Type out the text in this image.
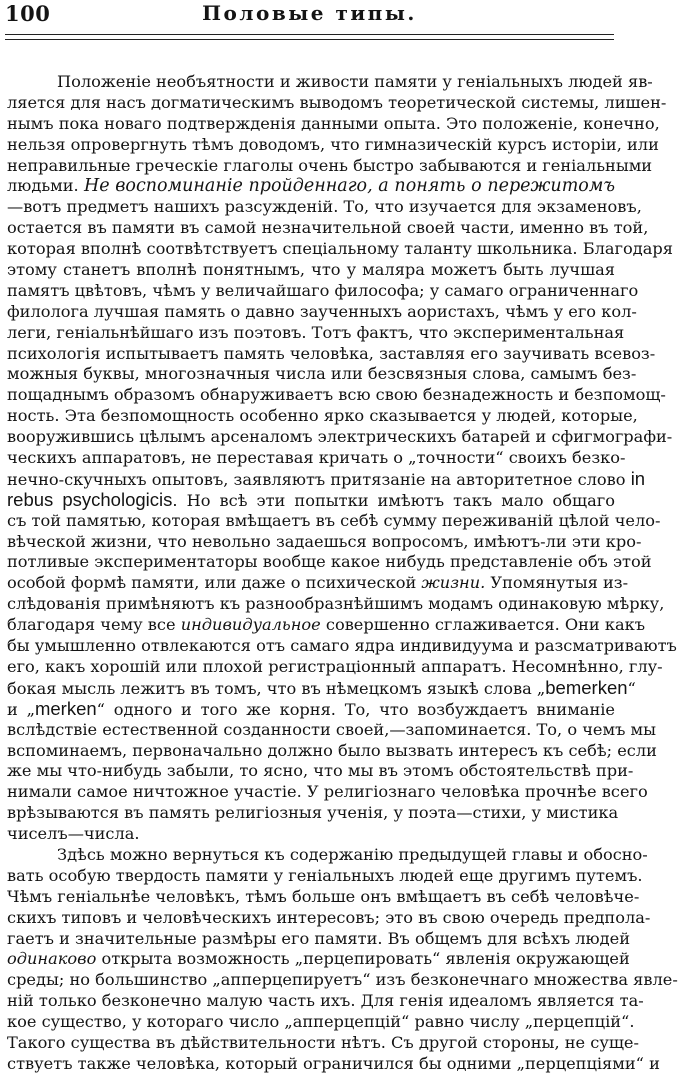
100	Половые типы.
Положеніе необъятности и живости памяти у геніальныхъ людей яв-
ляется для насъ догматическимъ выводомъ теоретической системы, лишен-
нымъ пока новаго подтвержденія данными опыта. Это положеніе, конечно,
нельзя опровергнуть тѣмъ доводомъ, что гимназическій курсъ исторіи, или
неправильные греческіе глаголы очень быстро забываются и геніальными
людьми. Не воспоминаніе пройденнаго, а понять о пережитомъ
—вотъ предметъ нашихъ разсужденій. То, что изучается для экзаменовъ,
остается въ памяти въ самой незначительной своей части, именно въ той,
которая вполнѣ соотвѣтствуетъ спеціальному таланту школьника. Благодаря
этому станетъ вполнѣ понятнымъ, что у маляра можетъ быть лучшая
памятъ цвѣтовъ, чѣмъ у величайшаго философа; у самаго ограниченнаго
филолога лучшая память о давно заученныхъ аористахъ, чѣмъ у его кол-
леги, геніальнѣйшаго изъ поэтовъ. Тотъ фактъ, что экспериментальная
психологія испытываетъ память человѣка, заставляя его заучивать всевоз-
можныя буквы, многозначныя числа или безсвязныя слова, самымъ без-
пощаднымъ образомъ обнаруживаетъ всю свою безнадежность и безпомощ-
ность. Эта безпомощность особенно ярко сказывается у людей, которые,
вооружившись цѣлымъ арсеналомъ электрическихъ батарей и сфигмографи-
ческихъ аппаратовъ, не переставая кричать о „точности“ своихъ безко-
нечно-скучныхъ опытовъ, заявляютъ притязаніе на авторитетное слово in
rebus psychologicis. Но всѣ эти попытки имѣютъ такъ мало общаго
съ той памятью, которая вмѣщаетъ въ себѣ сумму переживаній цѣлой чело-
вѣческой жизни, что невольно задаешься вопросомъ, имѣютъ-ли эти кро-
потливые экспериментаторы вообще какое нибудь представленіе объ этой
особой формѣ памяти, или даже о психической жизни. Упомянутыя из-
слѣдованія примѣняютъ къ разнообразнѣйшимъ модамъ одинаковую мѣрку,
благодаря чему все индивидуальное совершенно сглаживается. Они какъ
бы умышленно отвлекаются отъ самаго ядра индивидуума и разсматриваютъ
его, какъ хорошій или плохой регистраціонный аппаратъ. Несомнѣнно, глу-
бокая мысль лежитъ въ томъ, что въ нѣмецкомъ языкѣ слова „bemerken“
и „merken“ одного и того же корня. То, что возбуждаетъ вниманіе
вслѣдствіе естественной созданности своей,—запоминается. То, о чемъ мы
вспоминаемъ, первоначально должно было вызвать интересъ къ себѣ; если
же мы что-нибудь забыли, то ясно, что мы въ этомъ обстоятельствѣ при-
нимали самое ничтожное участіе. У религіознаго человѣка прочнѣе всего
врѣзываются въ память религіозныя ученія, у поэта—стихи, у мистика
чиселъ—числа.
Здѣсь можно вернуться къ содержанію предыдущей главы и обосно-
вать особую твердость памяти у геніальныхъ людей еще другимъ путемъ.
Чѣмъ геніальнѣе человѣкъ, тѣмъ больше онъ вмѣщаетъ въ себѣ человѣче-
скихъ типовъ и человѣческихъ интересовъ; это въ свою очередь предпола-
гаетъ и значительные размѣры его памяти. Въ общемъ для всѣхъ людей
одинаково открыта возможность „перцепировать“ явленія окружающей
среды; но большинство „апперцепируетъ“ изъ безконечнаго множества явле-
ній только безконечно малую часть ихъ. Для генія идеаломъ является та-
кое существо, у котораго число „апперцепцій“ равно числу „перцепцій“.
Такого существа въ дѣйствительности нѣтъ. Съ другой стороны, не суще-
ствуетъ также человѣка, который ограничился бы одними „перцепціями“ и
